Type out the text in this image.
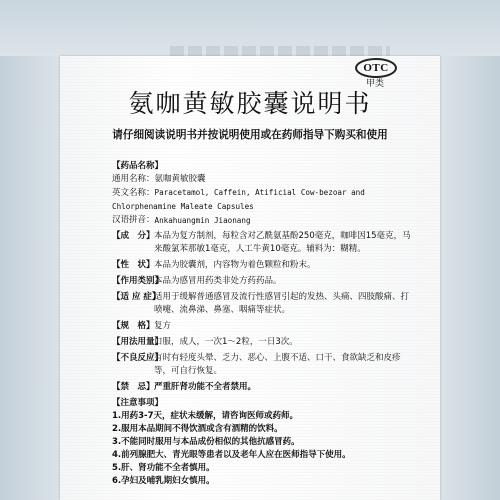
OTC
甲类
氨咖黄敏胶囊说明书
请仔细阅读说明书并按说明使用或在药师指导下购买和使用
【药品名称】
通用名称： 氨咖黄敏胶囊
英文名称：Paracetamol, Caffein, Atificial Cow-bezoar and Chlorphenamine Maleate Capsules
汉语拼音： Ankahuangmin Jiaonang
【成　分】 本品为复方制剂，每粒含对乙酰氨基酚250毫克，咖啡因15毫克，马来酸氯苯那敏1毫克，人工牛黄10毫克。辅料为：糊精。
【性　状】 本品为胶囊剂，内容物为着色颗粒和粉末。
【作用类别】
本品为感冒用药类非处方药药品。
【适 应 症】
适用于缓解普通感冒及流行性感冒引起的发热、头痛、四肢酸痛、打喷嚏、流鼻涕、鼻塞、咽痛等症状。
【规　格】 复方
【用法用量】
口服，成人，一次1～2粒，一日3次。
【不良反应】
有时有轻度头晕、乏力、恶心、上腹不适、口干、食欲缺乏和皮疹等，可自行恢复。
【禁　忌】 严重肝肾功能不全者禁用。
【注意事项】
1.用药3-7天，症状未缓解，请咨询医师或药师。
2.服用本品期间不得饮酒或含有酒精的饮料。
3.不能同时服用与本品成份相似的其他抗感冒药。
4.前列腺肥大、青光眼等患者以及老年人应在医师指导下使用。
5.肝、肾功能不全者慎用。
6.孕妇及哺乳期妇女慎用。
